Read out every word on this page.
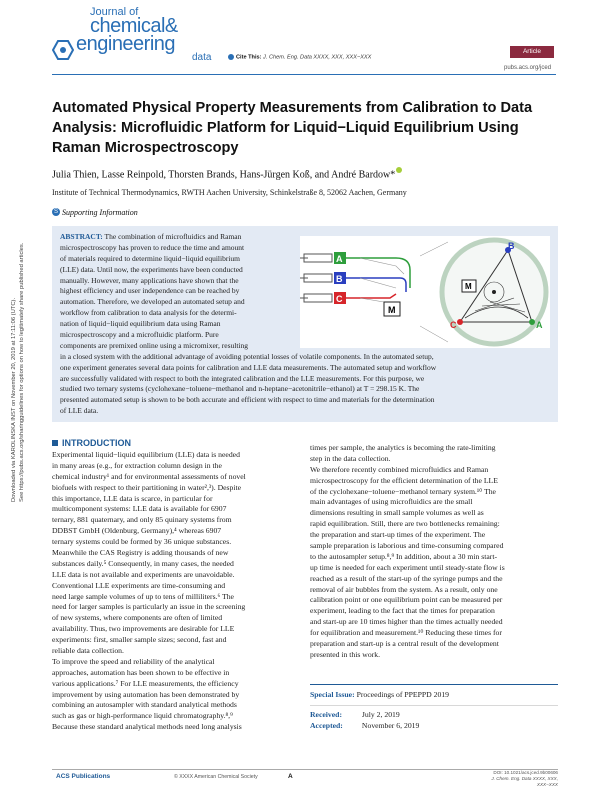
Downloaded via KAROLINSKA INST on November 20, 2019 at 17:11:06 (UTC). See https://pubs.acs.org/sharingguidelines for options on how to legitimately share published articles.
Journal of
chemical&
engineering
data	Cite This: J. Chem. Eng. Data XXXX, XXX, XXX−XXX
Article
pubs.acs.org/jced
Automated Physical Property Measurements from Calibration to Data Analysis: Microfluidic Platform for Liquid−Liquid Equilibrium Using Raman Microspectroscopy
Julia Thien, Lasse Reinpold, Thorsten Brands, Hans-Jürgen Koß, and André Bardow*
Institute of Technical Thermodynamics, RWTH Aachen University, Schinkelstraße 8, 52062 Aachen, Germany
S Supporting Information
ABSTRACT: The combination of microfluidics and Raman
microspectroscopy has proven to reduce the time and amount
of materials required to determine liquid−liquid equilibrium
(LLE) data. Until now, the experiments have been conducted
manually. However, many applications have shown that the
highest efficiency and user independence can be reached by
automation. Therefore, we developed an automated setup and
workflow from calibration to data analysis for the determi-
nation of liquid−liquid equilibrium data using Raman
microspectroscopy and a microfluidic platform. Pure
components are premixed online using a micromixer, resulting
in a closed system with the additional advantage of avoiding potential losses of volatile components. In the automated setup,
one experiment generates several data points for calibration and LLE data measurements. The automated setup and workflow
are successfully validated with respect to both the integrated calibration and the LLE measurements. For this purpose, we
studied two ternary systems (cyclohexane−toluene−methanol and n-heptane−acetonitrile−ethanol) at T = 298.15 K. The
presented automated setup is shown to be both accurate and efficient with respect to time and materials for the determination
of LLE data.
A
B
C
M
B
A
C
M
INTRODUCTION
Experimental liquid−liquid equilibrium (LLE) data is needed
in many areas (e.g., for extraction column design in the
chemical industry¹ and for environmental assessments of novel
biofuels with respect to their partitioning in water²,³). Despite
this importance, LLE data is scarce, in particular for
multicomponent systems: LLE data is available for 6907
ternary, 881 quaternary, and only 85 quinary systems from
DDBST GmbH (Oldenburg, Germany),⁴ whereas 6907
ternary systems could be formed by 36 unique substances.
Meanwhile the CAS Registry is adding thousands of new
substances daily.⁵ Consequently, in many cases, the needed
LLE data is not available and experiments are unavoidable.
Conventional LLE experiments are time-consuming and
need large sample volumes of up to tens of milliliters.⁶ The
need for larger samples is particularly an issue in the screening
of new systems, where components are often of limited
availability. Thus, two improvements are desirable for LLE
experiments: first, smaller sample sizes; second, fast and
reliable data collection.
To improve the speed and reliability of the analytical
approaches, automation has been shown to be effective in
various applications.⁷ For LLE measurements, the efficiency
improvement by using automation has been demonstrated by
combining an autosampler with standard analytical methods
such as gas or high-performance liquid chromatography.⁸,⁹
Because these standard analytical methods need long analysis
times per sample, the analytics is becoming the rate-limiting
step in the data collection.
We therefore recently combined microfluidics and Raman
microspectroscopy for the efficient determination of the LLE
of the cyclohexane−toluene−methanol ternary system.¹⁰ The
main advantages of using microfluidics are the small
dimensions resulting in small sample volumes as well as
rapid equilibration. Still, there are two bottlenecks remaining:
the preparation and start-up times of the experiment. The
sample preparation is laborious and time-consuming compared
to the autosampler setup.⁸,⁹ In addition, about a 30 min start-
up time is needed for each experiment until steady-state flow is
reached as a result of the start-up of the syringe pumps and the
removal of air bubbles from the system. As a result, only one
calibration point or one equilibrium point can be measured per
experiment, leading to the fact that the times for preparation
and start-up are 10 times higher than the times actually needed
for equilibration and measurement.¹⁰ Reducing these times for
preparation and start-up is a central result of the development
presented in this work.
Special Issue: Proceedings of PPEPPD 2019
Received:	July 2, 2019
Accepted: November 6, 2019
ACS Publications	© XXXX American Chemical Society	A
DOI: 10.1021/acs.jced.9b00606
J. Chem. Eng. Data XXXX, XXX, XXX−XXX
